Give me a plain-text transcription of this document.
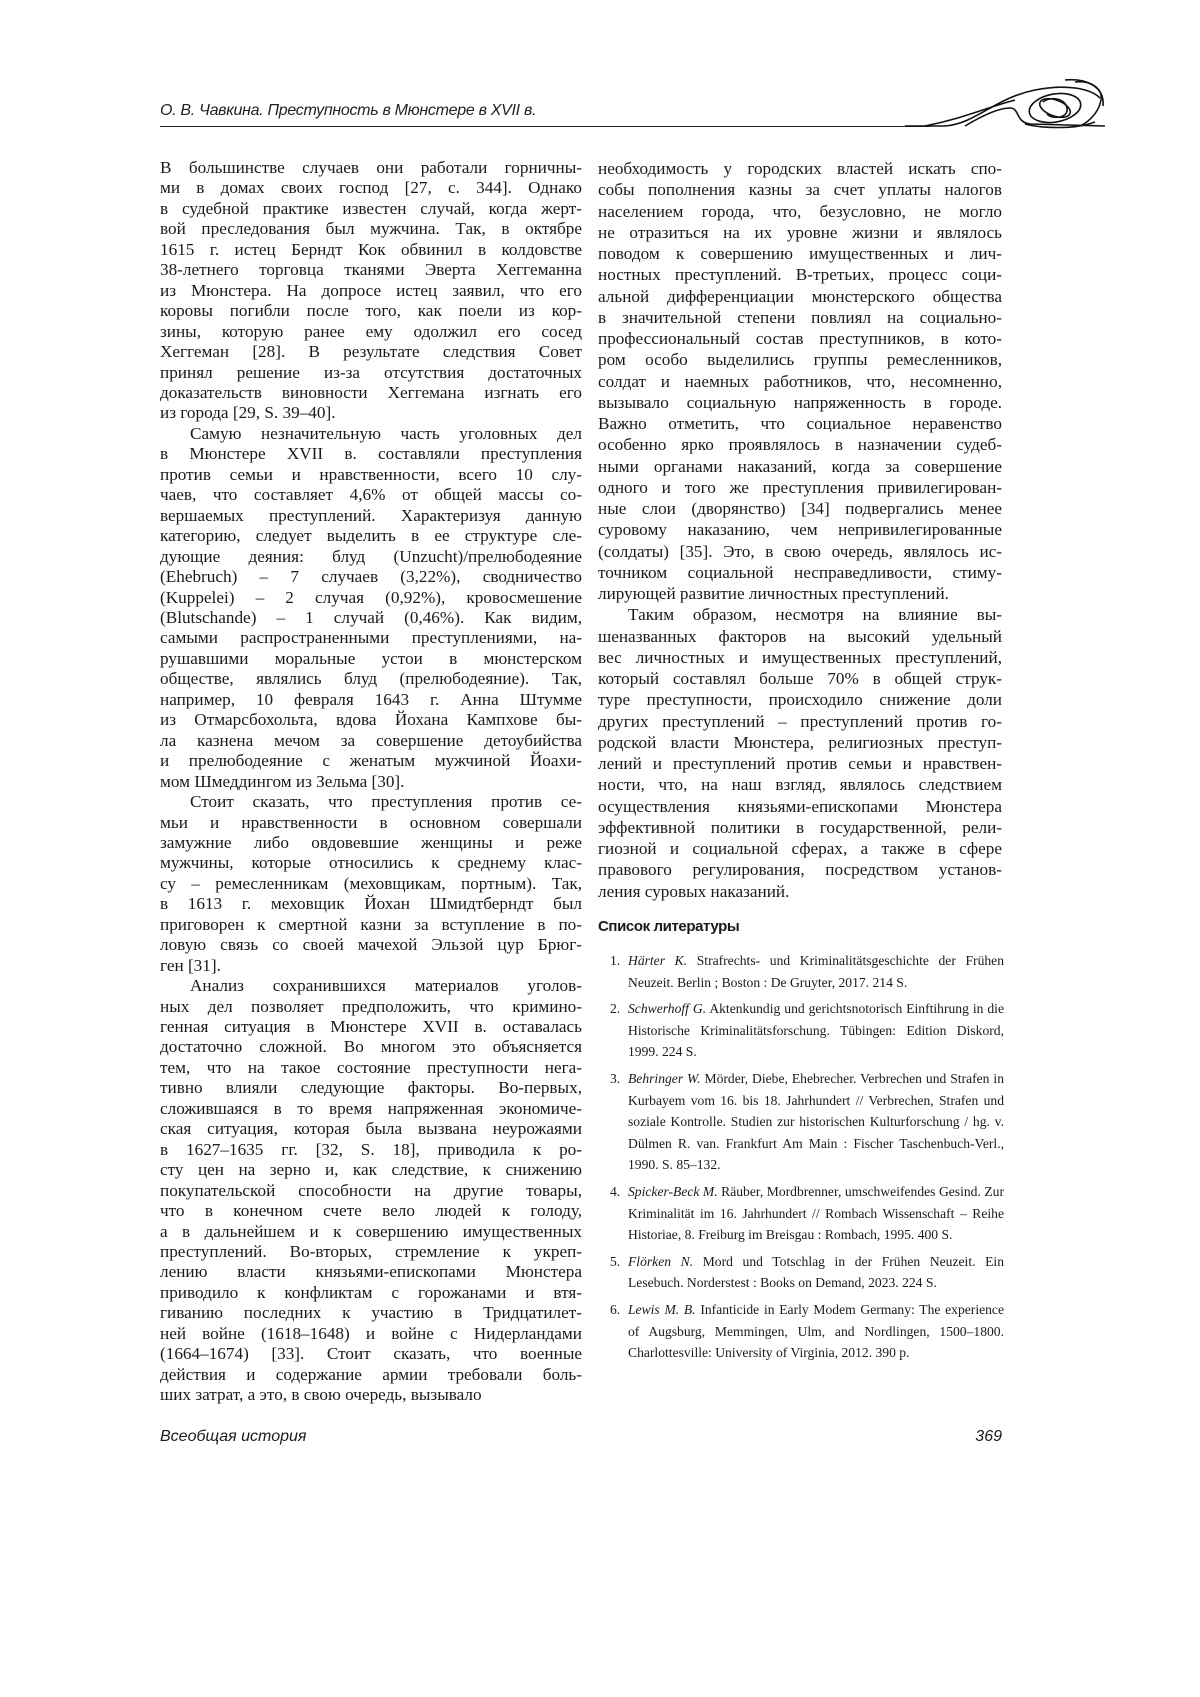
О. В. Чавкина. Преступность в Мюнстере в XVII в.
В большинстве случаев они работали горничны-
ми в домах своих господ [27, с. 344]. Однако
в судебной практике известен случай, когда жерт-
вой преследования был мужчина. Так, в октябре
1615 г. истец Берндт Кок обвинил в колдовстве
38-летнего торговца тканями Эверта Хеггеманна
из Мюнстера. На допросе истец заявил, что его
коровы погибли после того, как поели из кор-
зины, которую ранее ему одолжил его сосед
Хеггеман [28]. В результате следствия Совет
принял решение из-за отсутствия достаточных
доказательств виновности Хеггемана изгнать его
из города [29, S. 39–40].
Самую незначительную часть уголовных дел
в Мюнстере XVII в. составляли преступления
против семьи и нравственности, всего 10 слу-
чаев, что составляет 4,6% от общей массы со-
вершаемых преступлений. Характеризуя данную
категорию, следует выделить в ее структуре сле-
дующие деяния: блуд (Unzucht)/прелюбодеяние
(Ehebruch) – 7 случаев (3,22%), сводничество
(Kuppelei) – 2 случая (0,92%), кровосмешение
(Blutschande) – 1 случай (0,46%). Как видим,
самыми распространенными преступлениями, на-
рушавшими моральные устои в мюнстерском
обществе, являлись блуд (прелюбодеяние). Так,
например, 10 февраля 1643 г. Анна Штумме
из Отмарсбохольта, вдова Йохана Кампхове бы-
ла казнена мечом за совершение детоубийства
и прелюбодеяние с женатым мужчиной Йоахи-
мом Шмеддингом из Зельма [30].
Стоит сказать, что преступления против се-
мьи и нравственности в основном совершали
замужние либо овдовевшие женщины и реже
мужчины, которые относились к среднему клас-
су – ремесленникам (меховщикам, портным). Так,
в 1613 г. меховщик Йохан Шмидтберндт был
приговорен к смертной казни за вступление в по-
ловую связь со своей мачехой Эльзой цур Брюг-
ген [31].
Анализ сохранившихся материалов уголов-
ных дел позволяет предположить, что кримино-
генная ситуация в Мюнстере XVII в. оставалась
достаточно сложной. Во многом это объясняется
тем, что на такое состояние преступности нега-
тивно влияли следующие факторы. Во-первых,
сложившаяся в то время напряженная экономиче-
ская ситуация, которая была вызвана неурожаями
в 1627–1635 гг. [32, S. 18], приводила к ро-
сту цен на зерно и, как следствие, к снижению
покупательской способности на другие товары,
что в конечном счете вело людей к голоду,
а в дальнейшем и к совершению имущественных
преступлений. Во-вторых, стремление к укреп-
лению власти князьями-епископами Мюнстера
приводило к конфликтам с горожанами и втя-
гиванию последних к участию в Тридцатилет-
ней войне (1618–1648) и войне с Нидерландами
(1664–1674) [33]. Стоит сказать, что военные
действия и содержание армии требовали боль-
ших затрат, а это, в свою очередь, вызывало
необходимость у городских властей искать спо-
собы пополнения казны за счет уплаты налогов
населением города, что, безусловно, не могло
не отразиться на их уровне жизни и являлось
поводом к совершению имущественных и лич-
ностных преступлений. В-третьих, процесс соци-
альной дифференциации мюнстерского общества
в значительной степени повлиял на социально-
профессиональный состав преступников, в кото-
ром особо выделились группы ремесленников,
солдат и наемных работников, что, несомненно,
вызывало социальную напряженность в городе.
Важно отметить, что социальное неравенство
особенно ярко проявлялось в назначении судеб-
ными органами наказаний, когда за совершение
одного и того же преступления привилегирован-
ные слои (дворянство) [34] подвергались менее
суровому наказанию, чем непривилегированные
(солдаты) [35]. Это, в свою очередь, являлось ис-
точником социальной несправедливости, стиму-
лирующей развитие личностных преступлений.
Таким образом, несмотря на влияние вы-
шеназванных факторов на высокий удельный
вес личностных и имущественных преступлений,
который составлял больше 70% в общей струк-
туре преступности, происходило снижение доли
других преступлений – преступлений против го-
родской власти Мюнстера, религиозных преступ-
лений и преступлений против семьи и нравствен-
ности, что, на наш взгляд, являлось следствием
осуществления князьями-епископами Мюнстера
эффективной политики в государственной, рели-
гиозной и социальной сферах, а также в сфере
правового регулирования, посредством установ-
ления суровых наказаний.
Список литературы
1. Härter K. Strafrechts- und Kriminalitätsgeschichte der Frühen Neuzeit. Berlin ; Boston : De Gruyter, 2017. 214 S.
2. Schwerhoff G. Aktenkundig und gerichtsnotorisch Einftihrung in die Historische Kriminalitätsforschung. Tübingen: Edition Diskord, 1999. 224 S.
3. Behringer W. Mörder, Diebe, Ehebrecher. Verbrechen und Strafen in Kurbayem vom 16. bis 18. Jahrhundert // Verbrechen, Strafen und soziale Kontrolle. Studien zur historischen Kulturforschung / hg. v. Dülmen R. van. Frankfurt Am Main : Fischer Taschenbuch-Verl., 1990. S. 85–132.
4. Spicker-Beck M. Räuber, Mordbrenner, umschweifendes Gesind. Zur Kriminalität im 16. Jahrhundert // Rombach Wissenschaft – Reihe Historiae, 8. Freiburg im Breisgau : Rombach, 1995. 400 S.
5. Flörken N. Mord und Totschlag in der Frühen Neuzeit. Ein Lesebuch. Norderstest : Books on Demand, 2023. 224 S.
6. Lewis M. B. Infanticide in Early Modem Germany: The experience of Augsburg, Memmingen, Ulm, and Nordlingen, 1500–1800. Charlottesville: University of Virginia, 2012. 390 p.
Всеобщая история	369
